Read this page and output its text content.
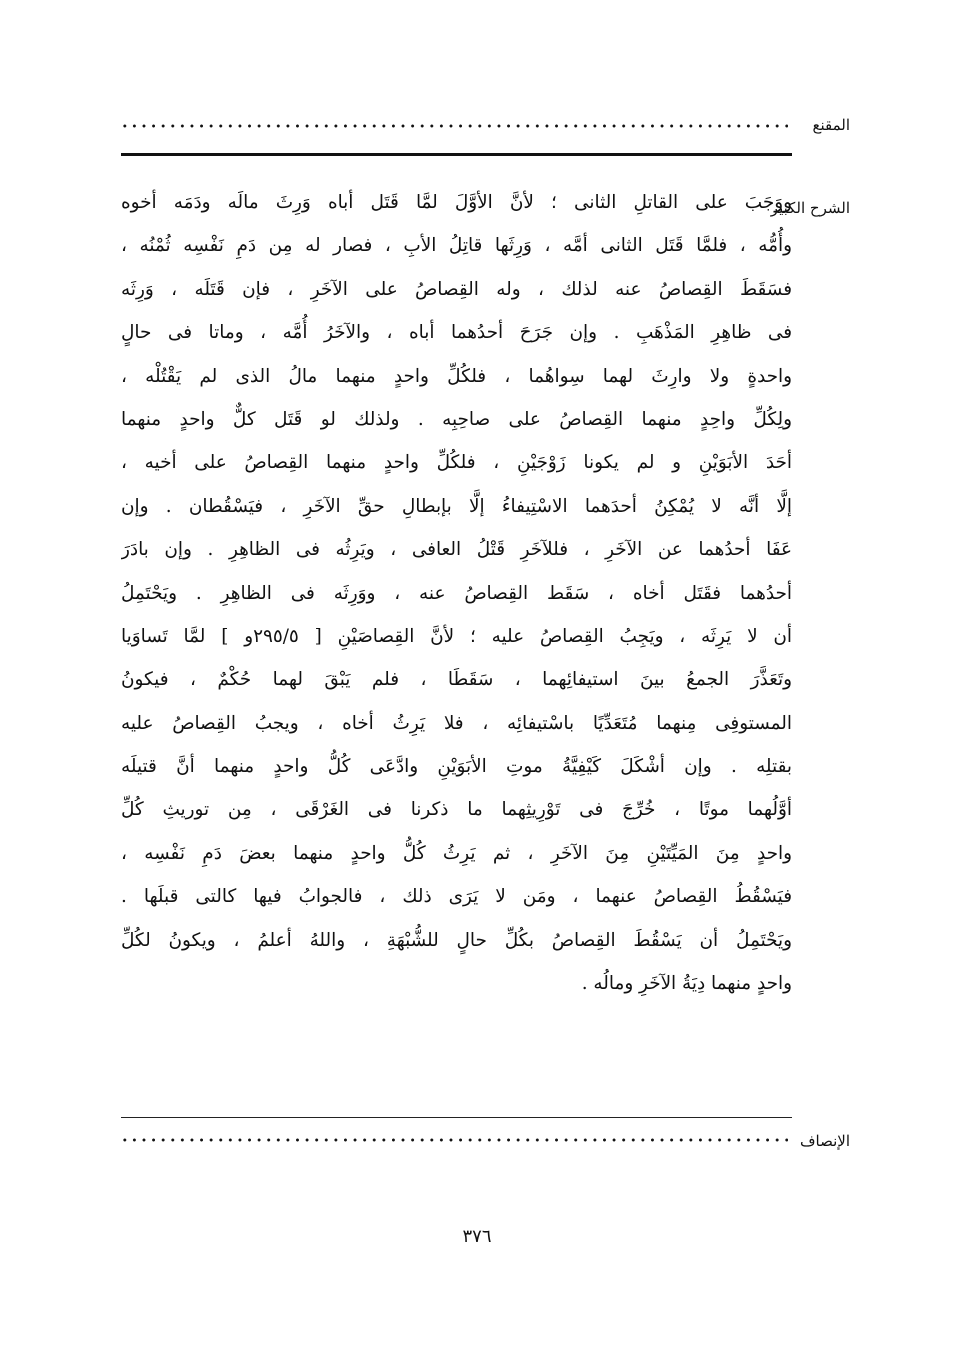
المقنع
الشرح الكبير
ووَجَبَ على القاتلِ الثانى ؛ لأنَّ الأوَّلَ لمَّا قَتَل أباه وَرِثَ مالَه ودَمَه أخوه
وأُمُّه ، فلمَّا قَتَل الثانى أمَّه ، وَرِثَها قاتِلُ الأبِ ، فصار له مِن دَمِ نَفْسِه ثُمْنُه ،
فسَقَطَ القِصاصُ عنه لذلك ، وله القِصاصُ على الآخَرِ ، فإن قَتَلَه ، وَرِثَه
فى ظاهِرِ المَذْهَبِ . وإن جَرَحَ أحدُهما أباه ، والآخَرُ أُمَّه ، وماتا فى حالٍ
واحدةٍ ولا وارِثَ لهما سِواهُما ، فلكُلِّ واحدٍ منهما مالُ الذى لم يَقْتُلْه ،
ولِكُلِّ واحِدٍ منهما القِصاصُ على صاحِبِه . ولذلك لو قَتَل كلٌّ واحدٍ منهما
أحَدَ الأبَوَيْنِ و لم يكونا زَوْجَيْنِ ، فلكُلِّ واحدٍ منهما القِصاصُ على أخيه ،
إلَّا أنَّه لا يُمْكِنُ أحدَهما الاسْتِيفاءُ إلَّا بإبطالِ حقِّ الآخَرِ ، فيَسْقُطان . وإن
عَفَا أحدُهما عن الآخَرِ ، فللآخَرِ قَتْلُ العافى ، ويَرِثُه فى الظاهِرِ . وإن بادَرَ
أحدُهما فقَتَل أخاه ، سَقَط القِصاصُ عنه ، ووَرِثَه فى الظاهِرِ . ويَحْتَمِلُ
أن لا يَرِثَه ، ويَجِبُ القِصاصُ عليه ؛ لأنَّ القِصاصَيْنِ [ ٢٩٥/٥و ] لمَّا تَساوَيا
وتَعَذَّرَ الجمعُ بينَ استيفائِهما ، سَقَطَا ، فلم يَبْقَ لهما حُكْمٌ ، فيكونُ
المستوفِى مِنهما مُتَعَدِّيًا باسْتيفائِه ، فلا يَرِثُ أخاه ، ويجبُ القِصاصُ عليه
بقتلِه . وإن أشْكَلَ كَيْفِيَّةُ موتِ الأبَوَيْنِ وادَّعَى كُلُّ واحدٍ منهما أنَّ قتيلَه
أوَّلُهما موتًا ، خُرِّجَ فى تَوْرِيثِهما ما ذكرنا فى الغَرْقَى ، مِن توريثِ كُلِّ
واحدٍ مِنَ المَيِّتَيْنِ مِنَ الآخَرِ ، ثم يَرِثُ كُلُّ واحدٍ منهما بعضَ دَمِ نَفْسِه ،
فيَسْقُطُ القِصاصُ عنهما ، ومَن لا يَرَى ذلك ، فالجوابُ فيها كالتى قبلَها .
ويَحْتَمِلُ أن يَسْقُطَ القِصاصُ بكُلِّ حالٍ للشُّبْهَةِ ، واللهُ أعلمُ ، ويكونُ لكُلِّ
واحدٍ منهما دِيَةُ الآخَرِ ومالُه .
الإنصاف
٣٧٦
